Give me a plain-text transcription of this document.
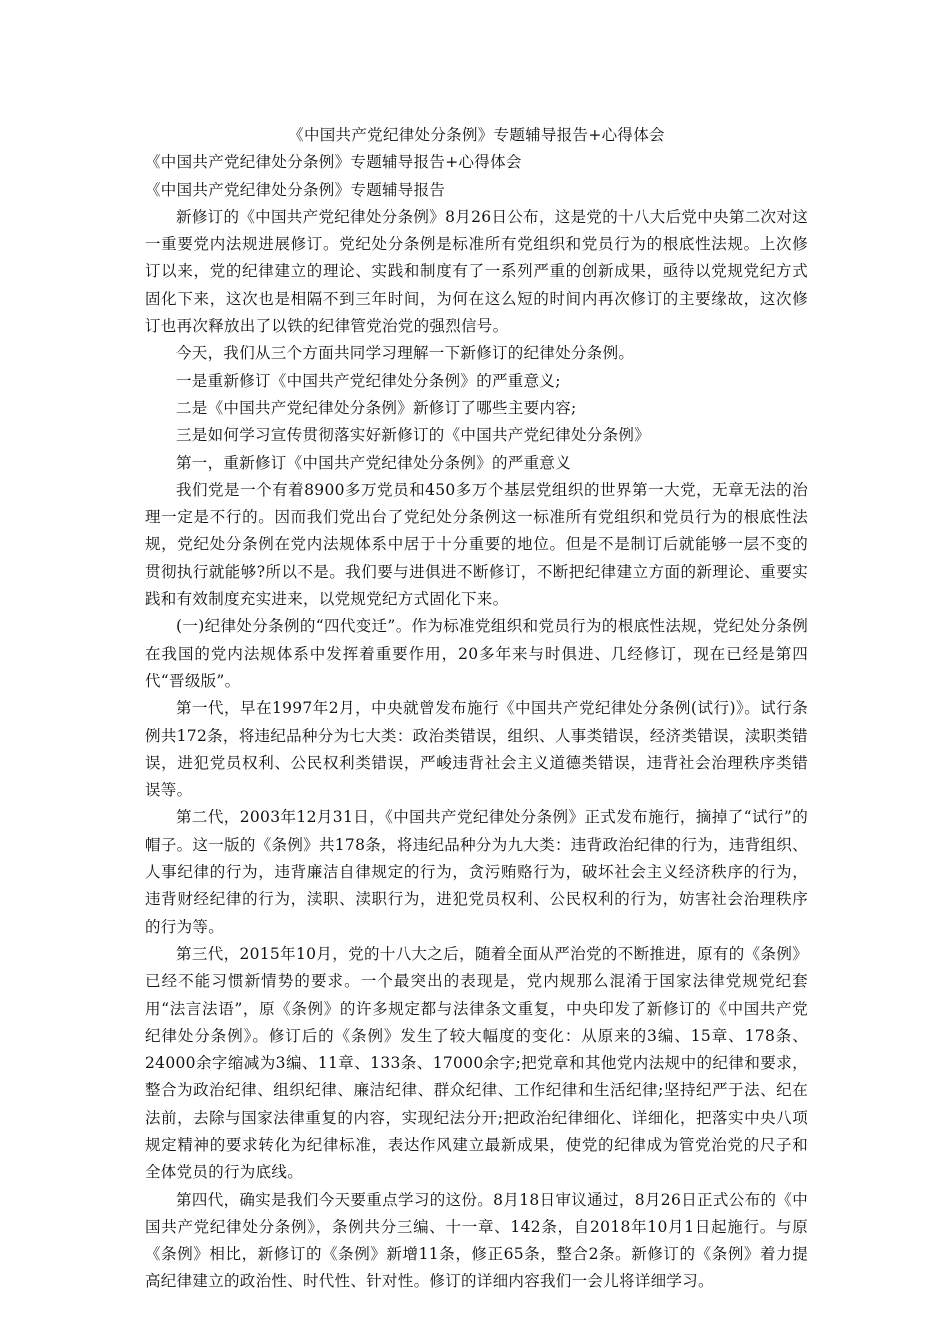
《中国共产党纪律处分条例》专题辅导报告+心得体会

《中国共产党纪律处分条例》专题辅导报告+心得体会

《中国共产党纪律处分条例》专题辅导报告

新修订的《中国共产党纪律处分条例》8月26日公布，这是党的十八大后党中央第二次对这一重要党内法规进展修订。党纪处分条例是标准所有党组织和党员行为的根底性法规。上次修订以来，党的纪律建立的理论、实践和制度有了一系列严重的创新成果，亟待以党规党纪方式固化下来，这次也是相隔不到三年时间，为何在这么短的时间内再次修订的主要缘故，这次修订也再次释放出了以铁的纪律管党治党的强烈信号。

今天，我们从三个方面共同学习理解一下新修订的纪律处分条例。

一是重新修订《中国共产党纪律处分条例》的严重意义;

二是《中国共产党纪律处分条例》新修订了哪些主要内容;

三是如何学习宣传贯彻落实好新修订的《中国共产党纪律处分条例》

第一，重新修订《中国共产党纪律处分条例》的严重意义

我们党是一个有着8900多万党员和450多万个基层党组织的世界第一大党，无章无法的治理一定是不行的。因而我们党出台了党纪处分条例这一标准所有党组织和党员行为的根底性法规，党纪处分条例在党内法规体系中居于十分重要的地位。但是不是制订后就能够一层不变的贯彻执行就能够?所以不是。我们要与进俱进不断修订，不断把纪律建立方面的新理论、重要实践和有效制度充实进来，以党规党纪方式固化下来。

(一)纪律处分条例的“四代变迁”。作为标准党组织和党员行为的根底性法规，党纪处分条例在我国的党内法规体系中发挥着重要作用，20多年来与时俱进、几经修订，现在已经是第四代“晋级版”。

第一代，早在1997年2月，中央就曾发布施行《中国共产党纪律处分条例(试行)》。试行条例共172条，将违纪品种分为七大类：政治类错误，组织、人事类错误，经济类错误，渎职类错误，进犯党员权利、公民权利类错误，严峻违背社会主义道德类错误，违背社会治理秩序类错误等。

第二代，2003年12月31日，《中国共产党纪律处分条例》正式发布施行，摘掉了“试行”的帽子。这一版的《条例》共178条，将违纪品种分为九大类：违背政治纪律的行为，违背组织、人事纪律的行为，违背廉洁自律规定的行为，贪污贿赂行为，破坏社会主义经济秩序的行为，违背财经纪律的行为，渎职、渎职行为，进犯党员权利、公民权利的行为，妨害社会治理秩序的行为等。

第三代，2015年10月，党的十八大之后，随着全面从严治党的不断推进，原有的《条例》已经不能习惯新情势的要求。一个最突出的表现是，党内规那么混淆于国家法律党规党纪套用“法言法语”，原《条例》的许多规定都与法律条文重复，中央印发了新修订的《中国共产党纪律处分条例》。修订后的《条例》发生了较大幅度的变化：从原来的3编、15章、178条、24000余字缩减为3编、11章、133条、17000余字;把党章和其他党内法规中的纪律和要求，整合为政治纪律、组织纪律、廉洁纪律、群众纪律、工作纪律和生活纪律;坚持纪严于法、纪在法前，去除与国家法律重复的内容，实现纪法分开;把政治纪律细化、详细化，把落实中央八项规定精神的要求转化为纪律标准，表达作风建立最新成果，使党的纪律成为管党治党的尺子和全体党员的行为底线。

第四代，确实是我们今天要重点学习的这份。8月18日审议通过，8月26日正式公布的《中国共产党纪律处分条例》，条例共分三编、十一章、142条，自2018年10月1日起施行。与原《条例》相比，新修订的《条例》新增11条，修正65条，整合2条。新修订的《条例》着力提高纪律建立的政治性、时代性、针对性。修订的详细内容我们一会儿将详细学习。
